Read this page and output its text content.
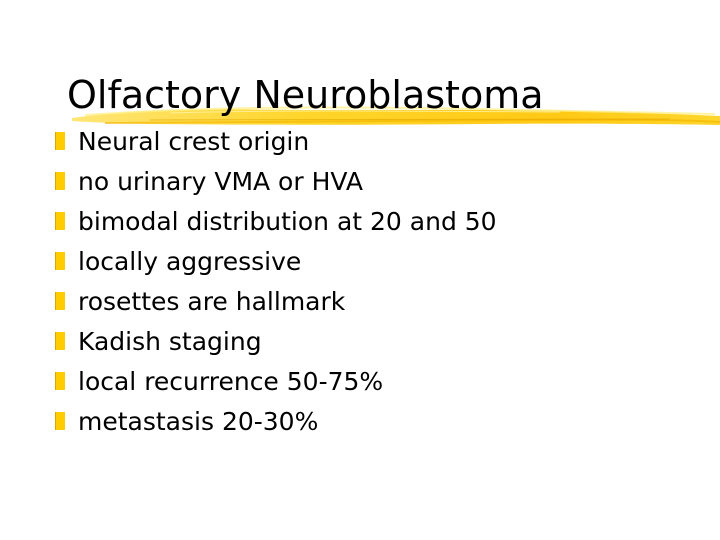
Olfactory Neuroblastoma
Neural crest origin
no urinary VMA or HVA
bimodal distribution at 20 and 50
locally aggressive
rosettes are hallmark
Kadish staging
local recurrence 50-75%
metastasis 20-30%
